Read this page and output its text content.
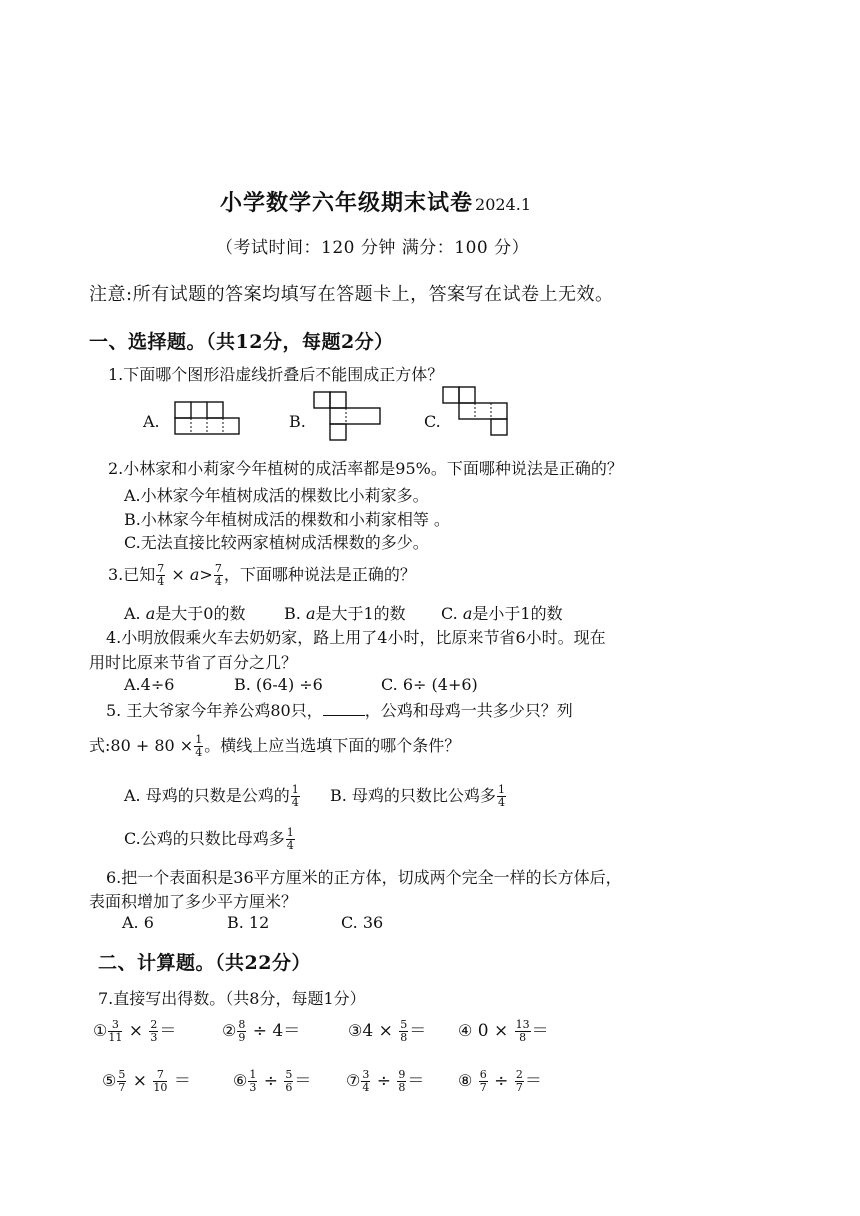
小学数学六年级期末试卷 2024.1
（考试时间：120 分钟 满分：100 分）
注意:所有试题的答案均填写在答题卡上，答案写在试卷上无效。
一、选择题。（共12分，每题2分）
1.下面哪个图形沿虚线折叠后不能围成正方体？
A.	B.	C.
2.小林家和小莉家今年植树的成活率都是95%。下面哪种说法是正确的？
A.小林家今年植树成活的棵数比小莉家多。
B.小林家今年植树成活的棵数和小莉家相等 。
C.无法直接比较两家植树成活棵数的多少。
3.已知 $\frac{7}{4} \times a> \frac{7}{4}$ ，下面哪种说法是正确的？
A. a是大于0的数 B. a是大于1的数 C. a是小于1的数
4.小明放假乘火车去奶奶家，路上用了4小时，比原来节省6小时。现在
用时比原来节省了百分之几？
A.4÷6	B. (6-4) ÷6	C. 6÷ (4+6)
5. 王大爷家今年养公鸡80只，	，公鸡和母鸡一共多少只？列
式:80 + $80 \times \frac{1}{4}$ 。横线上应当选填下面的哪个条件？
A. 母鸡的只数是公鸡的 $\frac{1}{4} B$. 母鸡的只数比公鸡多 $\frac{1}{4}$
C.公鸡的只数比母鸡多 $\frac{1}{4}$
6.把一个表面积是36平方厘米的正方体，切成两个完全一样的长方体后，
表面积增加了多少平方厘米？
A. 6	B. 12	C. 36
二、计算题。（共22分）
7.直接写出得数。（共8分，每题1分）
① $\frac{3}{11} \times \frac{2}{3}$ ＝	② $\frac{8}{9} \div 4=$	③4 × $\frac{5}{8}$ ＝ ④ $0 \times \frac{13}{8}$ ＝
⑤ $\frac{5}{7} \times \frac{7}{10}$ ＝	⑥ $\frac{1}{3} \div \frac{5}{6}$ ＝ ⑦ $\frac{3}{4} \div \frac{9}{8}$ ＝ ⑧ $\frac{6}{7} \div \frac{2}{7}$ ＝
